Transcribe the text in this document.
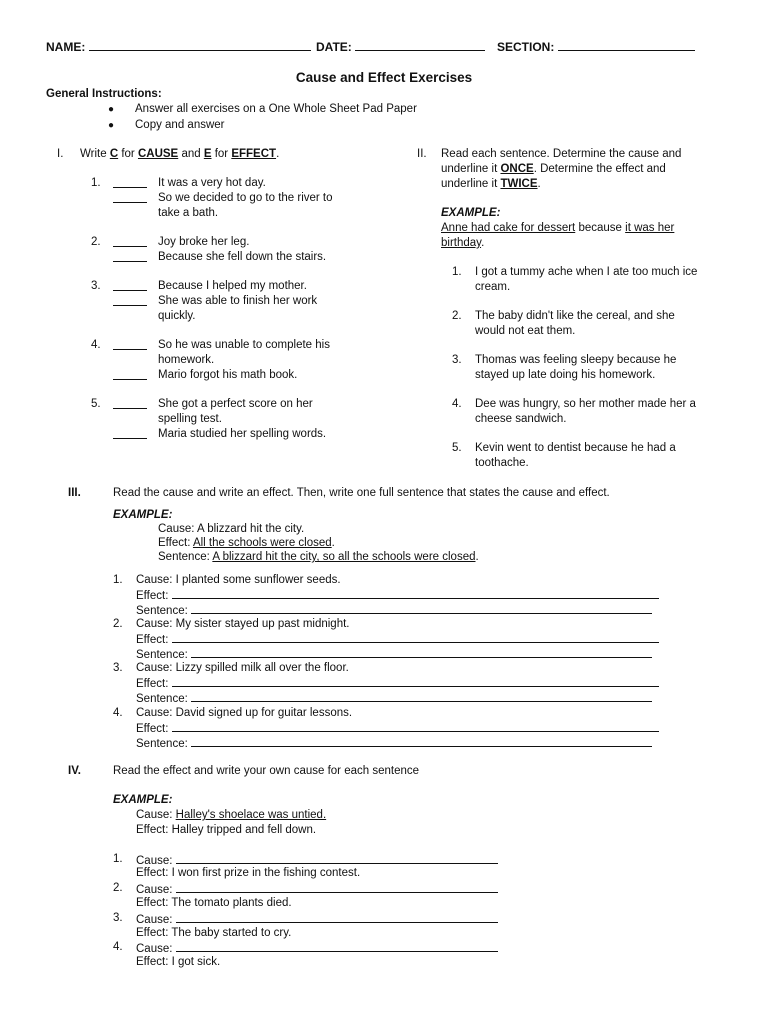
NAME:	DATE:	SECTION:
Cause and Effect Exercises
General Instructions:
● Answer all exercises on a One Whole Sheet Pad Paper
● Copy and answer
I. Write C for CAUSE and E for EFFECT.
1.	It was a very hot day.
So we decided to go to the river to
take a bath.
2.	Joy broke her leg.
Because she fell down the stairs.
3.	Because I helped my mother.
She was able to finish her work
quickly.
4.	So he was unable to complete his
homework.
Mario forgot his math book.
5.	She got a perfect score on her
spelling test.
Maria studied her spelling words.
II. Read each sentence. Determine the cause and
underline it ONCE. Determine the effect and
underline it TWICE.
EXAMPLE:
Anne had cake for dessert because it was her
birthday.
1. I got a tummy ache when I ate too much ice
cream.
2. The baby didn't like the cereal, and she
would not eat them.
3. Thomas was feeling sleepy because he
stayed up late doing his homework.
4. Dee was hungry, so her mother made her a
cheese sandwich.
5. Kevin went to dentist because he had a
toothache.
III.	Read the cause and write an effect. Then, write one full sentence that states the cause and effect.
EXAMPLE:
Cause: A blizzard hit the city.
Effect: All the schools were closed.
Sentence: A blizzard hit the city, so all the schools were closed.
1. Cause: I planted some sunflower seeds.
Effect:
Sentence:
2. Cause: My sister stayed up past midnight.
Effect:
Sentence:
3. Cause: Lizzy spilled milk all over the floor.
Effect:
Sentence:
4. Cause: David signed up for guitar lessons.
Effect:
Sentence:
IV.	Read the effect and write your own cause for each sentence
EXAMPLE:
Cause: Halley's shoelace was untied.
Effect: Halley tripped and fell down.
1. Cause:
Effect: I won first prize in the fishing contest.
2. Cause:
Effect: The tomato plants died.
3. Cause:
Effect: The baby started to cry.
4. Cause:
Effect: I got sick.
